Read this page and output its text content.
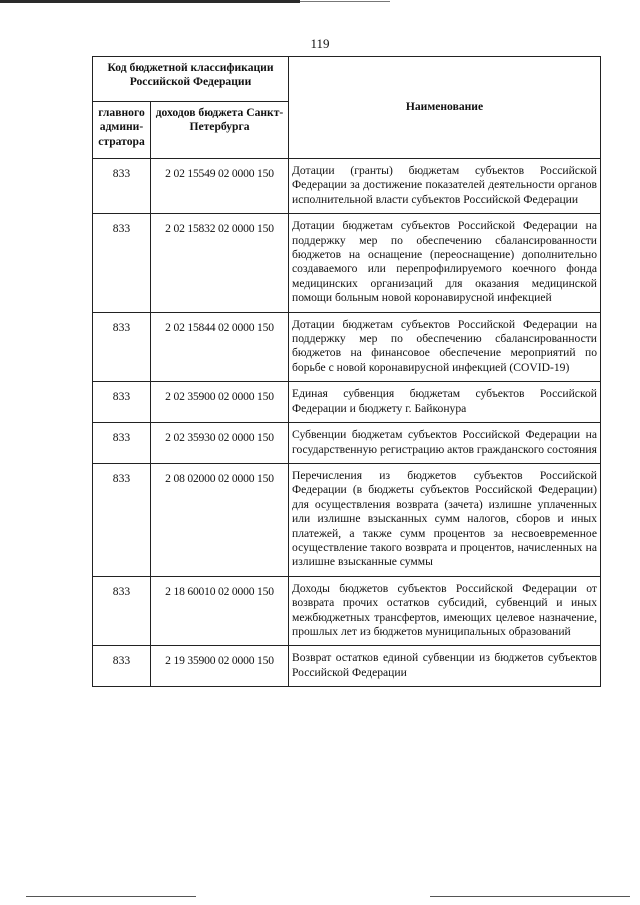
119
Код бюджетной классификации Российской Федерации		Наименование
главного админи-стратора	доходов бюджета Санкт-Петербурга	
833	2 02 15549 02 0000 150	Дотации (гранты) бюджетам субъектов Российской Федерации за достижение показателей деятельности органов исполнительной власти субъектов Российской Федерации
833	2 02 15832 02 0000 150	Дотации бюджетам субъектов Российской Федерации на поддержку мер по обеспечению сбалансированности бюджетов на оснащение (переоснащение) дополнительно создаваемого или перепрофилируемого коечного фонда медицинских организаций для оказания медицинской помощи больным новой коронавирусной инфекцией
833	2 02 15844 02 0000 150	Дотации бюджетам субъектов Российской Федерации на поддержку мер по обеспечению сбалансированности бюджетов на финансовое обеспечение мероприятий по борьбе с новой коронавирусной инфекцией (COVID-19)
833	2 02 35900 02 0000 150	Единая субвенция бюджетам субъектов Российской Федерации и бюджету г. Байконура
833	2 02 35930 02 0000 150	Субвенции бюджетам субъектов Российской Федерации на государственную регистрацию актов гражданского состояния
833	2 08 02000 02 0000 150	Перечисления из бюджетов субъектов Российской Федерации (в бюджеты субъектов Российской Федерации) для осуществления возврата (зачета) излишне уплаченных или излишне взысканных сумм налогов, сборов и иных платежей, а также сумм процентов за несвоевременное осуществление такого возврата и процентов, начисленных на излишне взысканные суммы
833	2 18 60010 02 0000 150	Доходы бюджетов субъектов Российской Федерации от возврата прочих остатков субсидий, субвенций и иных межбюджетных трансфертов, имеющих целевое назначение, прошлых лет из бюджетов муниципальных образований
833	2 19 35900 02 0000 150	Возврат остатков единой субвенции из бюджетов субъектов Российской Федерации
